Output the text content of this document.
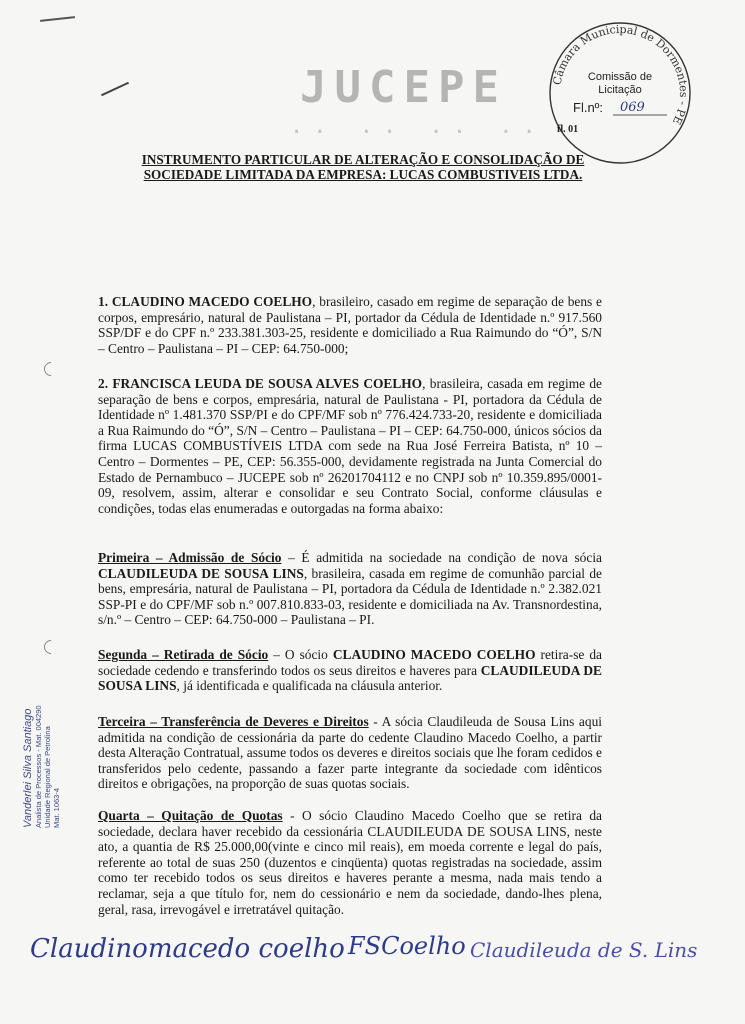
JUCEPE
·· ·· ·· ··
Câmara Municipal de Dormentes - PE
Comissão de
Licitação
Fl.nº: 069
fl. 01
INSTRUMENTO PARTICULAR DE ALTERAÇÃO E CONSOLIDAÇÃO DE
SOCIEDADE LIMITADA DA EMPRESA: LUCAS COMBUSTIVEIS LTDA.
1. CLAUDINO MACEDO COELHO, brasileiro, casado em regime de separação de bens e corpos, empresário, natural de Paulistana – PI, portador da Cédula de Identidade n.º 917.560 SSP/DF e do CPF n.º 233.381.303-25, residente e domiciliado a Rua Raimundo do “Ó”, S/N – Centro – Paulistana – PI – CEP: 64.750-000;
2. FRANCISCA LEUDA DE SOUSA ALVES COELHO, brasileira, casada em regime de separação de bens e corpos, empresária, natural de Paulistana - PI, portadora da Cédula de Identidade nº 1.481.370 SSP/PI e do CPF/MF sob nº 776.424.733-20, residente e domiciliada a Rua Raimundo do “Ó”, S/N – Centro – Paulistana – PI – CEP: 64.750-000, únicos sócios da firma LUCAS COMBUSTÍVEIS LTDA com sede na Rua José Ferreira Batista, nº 10 – Centro – Dormentes – PE, CEP: 56.355-000, devidamente registrada na Junta Comercial do Estado de Pernambuco – JUCEPE sob nº 26201704112 e no CNPJ sob nº 10.359.895/0001-09, resolvem, assim, alterar e consolidar e seu Contrato Social, conforme cláusulas e condições, todas elas enumeradas e outorgadas na forma abaixo:
Primeira – Admissão de Sócio – É admitida na sociedade na condição de nova sócia CLAUDILEUDA DE SOUSA LINS, brasileira, casada em regime de comunhão parcial de bens, empresária, natural de Paulistana – PI, portadora da Cédula de Identidade n.º 2.382.021 SSP-PI e do CPF/MF sob n.º 007.810.833-03, residente e domiciliada na Av. Transnordestina, s/n.º – Centro – CEP: 64.750-000 – Paulistana – PI.
Segunda – Retirada de Sócio – O sócio CLAUDINO MACEDO COELHO retira-se da sociedade cedendo e transferindo todos os seus direitos e haveres para CLAUDILEUDA DE SOUSA LINS, já identificada e qualificada na cláusula anterior.
Terceira – Transferência de Deveres e Direitos - A sócia Claudileuda de Sousa Lins aqui admitida na condição de cessionária da parte do cedente Claudino Macedo Coelho, a partir desta Alteração Contratual, assume todos os deveres e direitos sociais que lhe foram cedidos e transferidos pelo cedente, passando a fazer parte integrante da sociedade com idênticos direitos e obrigações, na proporção de suas quotas sociais.
Quarta – Quitação de Quotas - O sócio Claudino Macedo Coelho que se retira da sociedade, declara haver recebido da cessionária CLAUDILEUDA DE SOUSA LINS, neste ato, a quantia de R$ 25.000,00(vinte e cinco mil reais), em moeda corrente e legal do país, referente ao total de suas 250 (duzentos e cinqüenta) quotas registradas na sociedade, assim como ter recebido todos os seus direitos e haveres perante a mesma, nada mais tendo a reclamar, seja a que título for, nem do cessionário e nem da sociedade, dando-lhes plena, geral, rasa, irrevogável e irretratável quitação.
Vanderlei Silva Santiago Analista de Processos - Mat. 004290 Unidade Regional de Petrolina Mat. 1063-4
Claudinomacedo coelho FSCoelho Claudileuda de S. Lins
